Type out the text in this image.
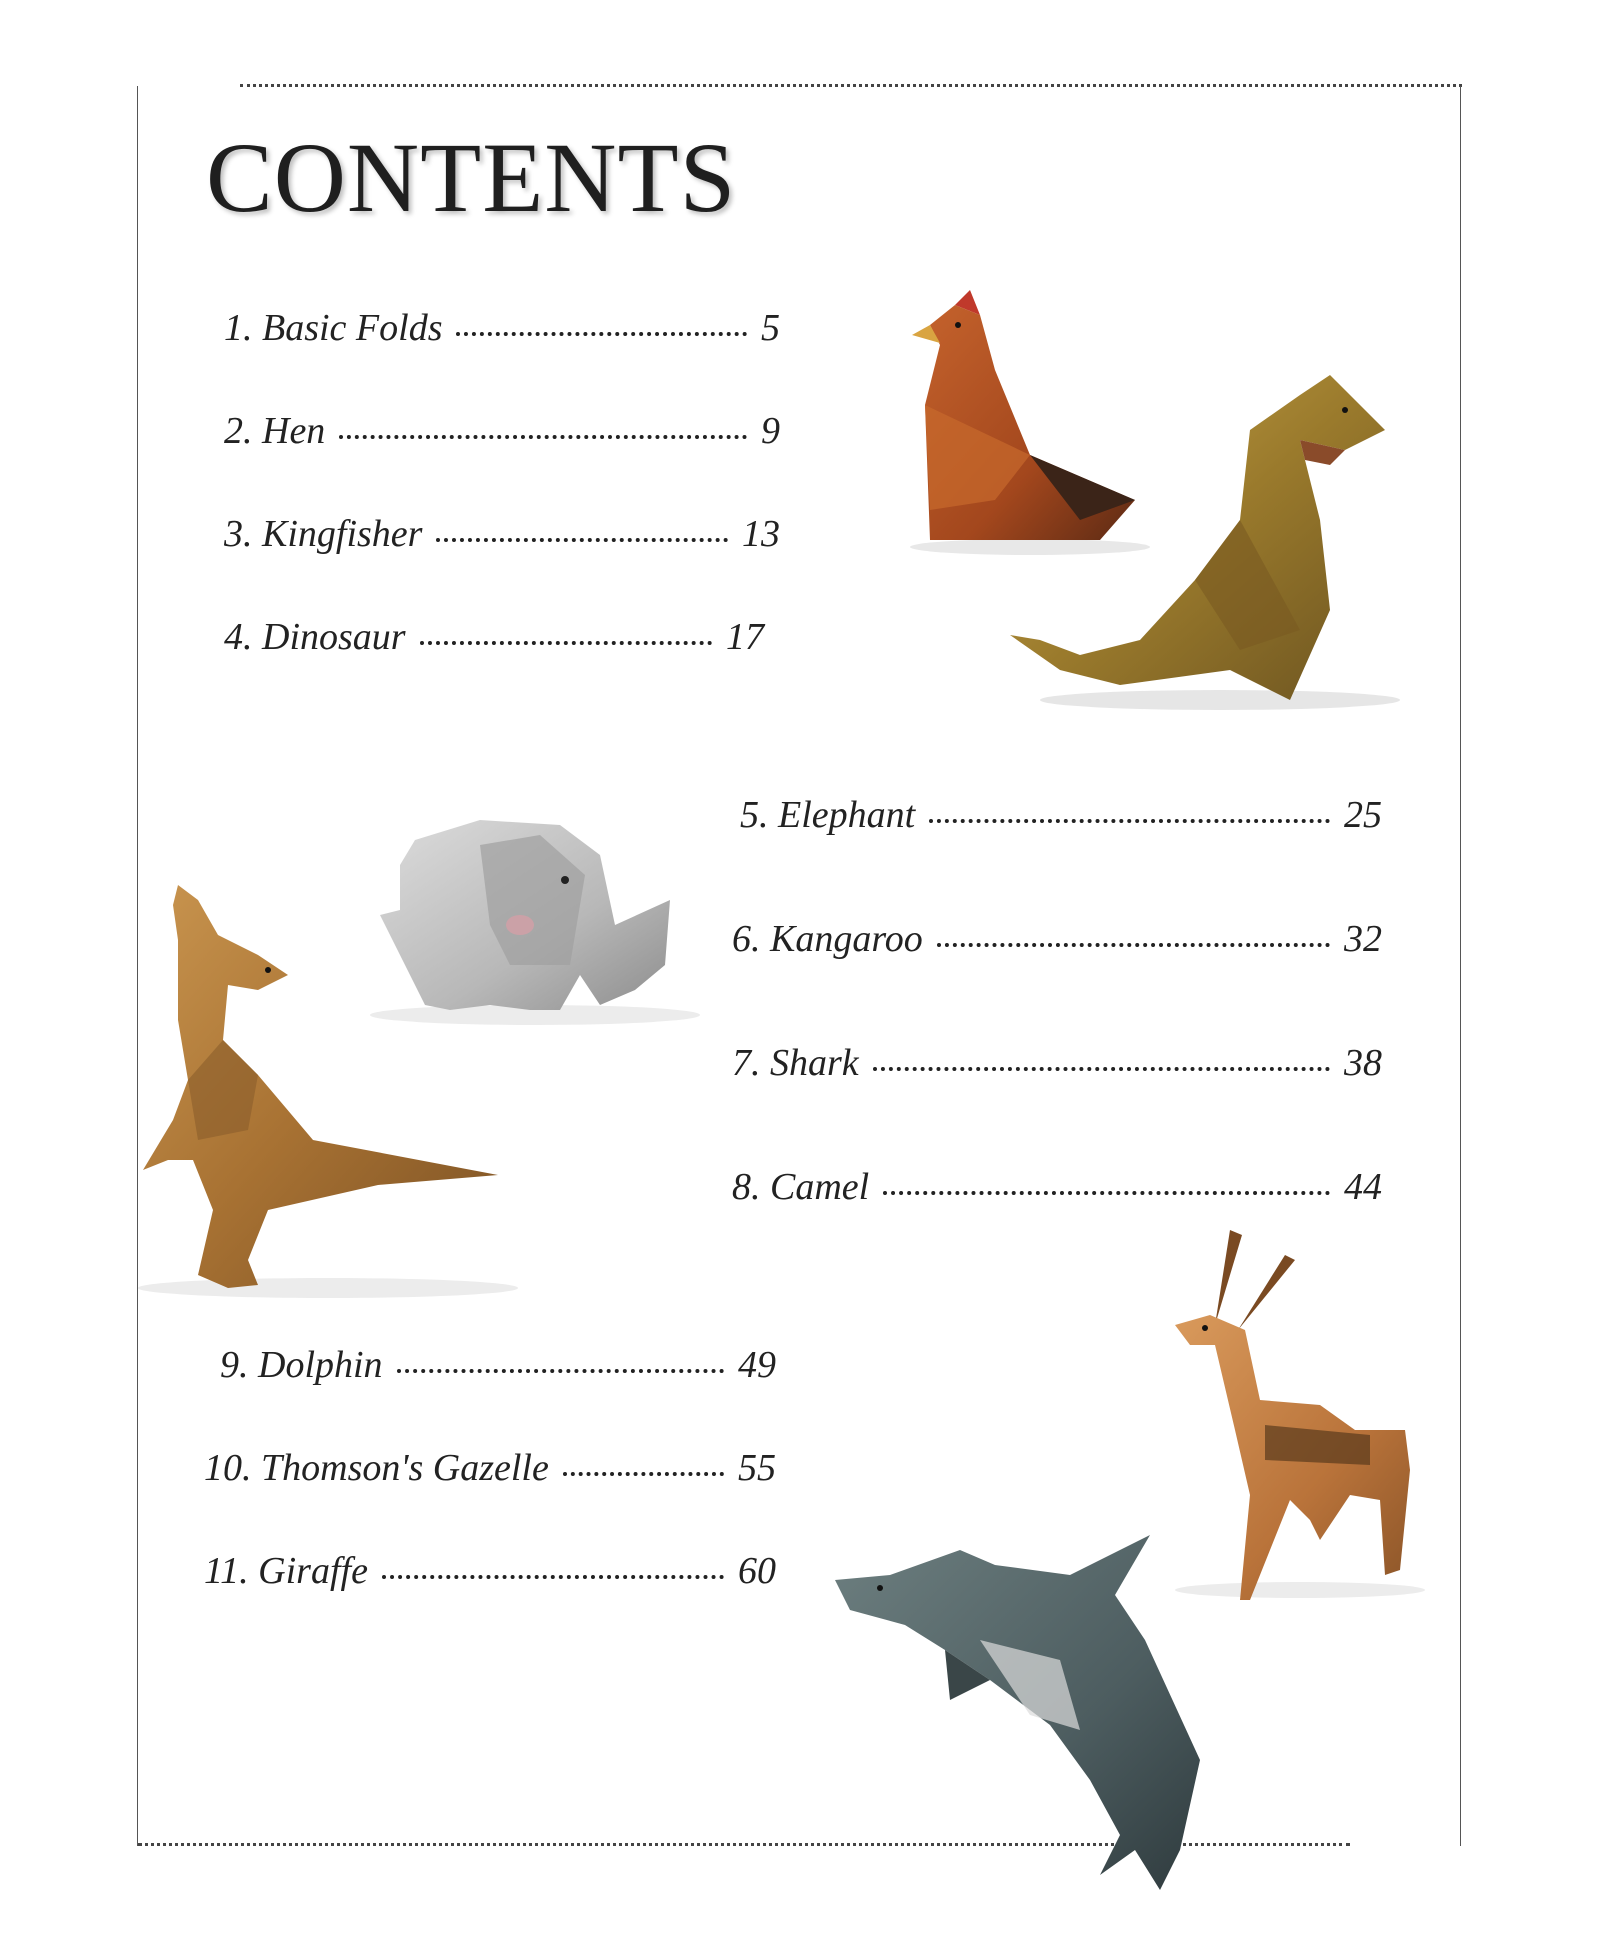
CONTENTS
1. Basic Folds	5
2. Hen	9
3. Kingfisher	13
4. Dinosaur	17
5. Elephant	25
6. Kangaroo	32
7. Shark	38
8. Camel	44
9. Dolphin	49
10. Thomson's Gazelle	55
11. Giraffe	60
